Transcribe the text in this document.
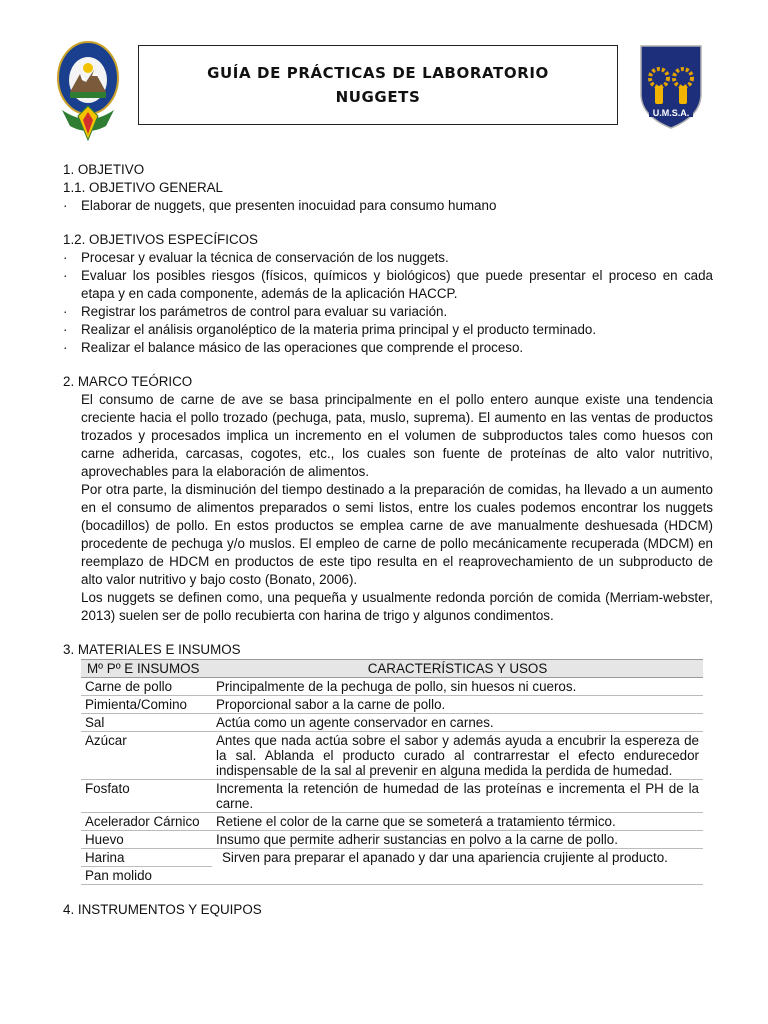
GUÍA DE PRÁCTICAS DE LABORATORIO
NUGGETS
U.M.S.A.
1. OBJETIVO
1.1. OBJETIVO GENERAL
·	Elaborar de nuggets, que presenten inocuidad para consumo humano
1.2. OBJETIVOS ESPECÍFICOS
·	Procesar y evaluar la técnica de conservación de los nuggets.
·	Evaluar los posibles riesgos (físicos, químicos y biológicos) que puede presentar el proceso en cada etapa y en cada componente, además de la aplicación HACCP.
·	Registrar los parámetros de control para evaluar su variación.
·	Realizar el análisis organoléptico de la materia prima principal y el producto terminado.
·	Realizar el balance másico de las operaciones que comprende el proceso.
2. MARCO TEÓRICO

El consumo de carne de ave se basa principalmente en el pollo entero aunque existe una tendencia creciente hacia el pollo trozado (pechuga, pata, muslo, suprema). El aumento en las ventas de productos trozados y procesados implica un incremento en el volumen de subproductos tales como huesos con carne adherida, carcasas, cogotes, etc., los cuales son fuente de proteínas de alto valor nutritivo, aprovechables para la elaboración de alimentos.

Por otra parte, la disminución del tiempo destinado a la preparación de comidas, ha llevado a un aumento en el consumo de alimentos preparados o semi listos, entre los cuales podemos encontrar los nuggets (bocadillos) de pollo. En estos productos se emplea carne de ave manualmente deshuesada (HDCM) procedente de pechuga y/o muslos. El empleo de carne de pollo mecánicamente recuperada (MDCM) en reemplazo de HDCM en productos de este tipo resulta en el reaprovechamiento de un subproducto de alto valor nutritivo y bajo costo (Bonato, 2006).

Los nuggets se definen como, una pequeña y usualmente redonda porción de comida (Merriam-webster, 2013) suelen ser de pollo recubierta con harina de trigo y algunos condimentos.

3. MATERIALES E INSUMOS
Mº Pº E INSUMOS	CARACTERÍSTICAS Y USOS
Carne de pollo	Principalmente de la pechuga de pollo, sin huesos ni cueros.
Pimienta/Comino	Proporcional sabor a la carne de pollo.
Sal	Actúa como un agente conservador en carnes.
Azúcar	Antes que nada actúa sobre el sabor y además ayuda a encubrir la espereza de la sal. Ablanda el producto curado al contrarrestar el efecto endurecedor indispensable de la sal al prevenir en alguna medida la perdida de humedad.
Fosfato	Incrementa la retención de humedad de las proteínas e incrementa el PH de la carne.
Acelerador Cárnico	Retiene el color de la carne que se someterá a tratamiento térmico.
Huevo	Insumo que permite adherir sustancias en polvo a la carne de pollo.
Harina	Sirven para preparar el apanado y dar una apariencia crujiente al producto.
Pan molido	
4. INSTRUMENTOS Y EQUIPOS
